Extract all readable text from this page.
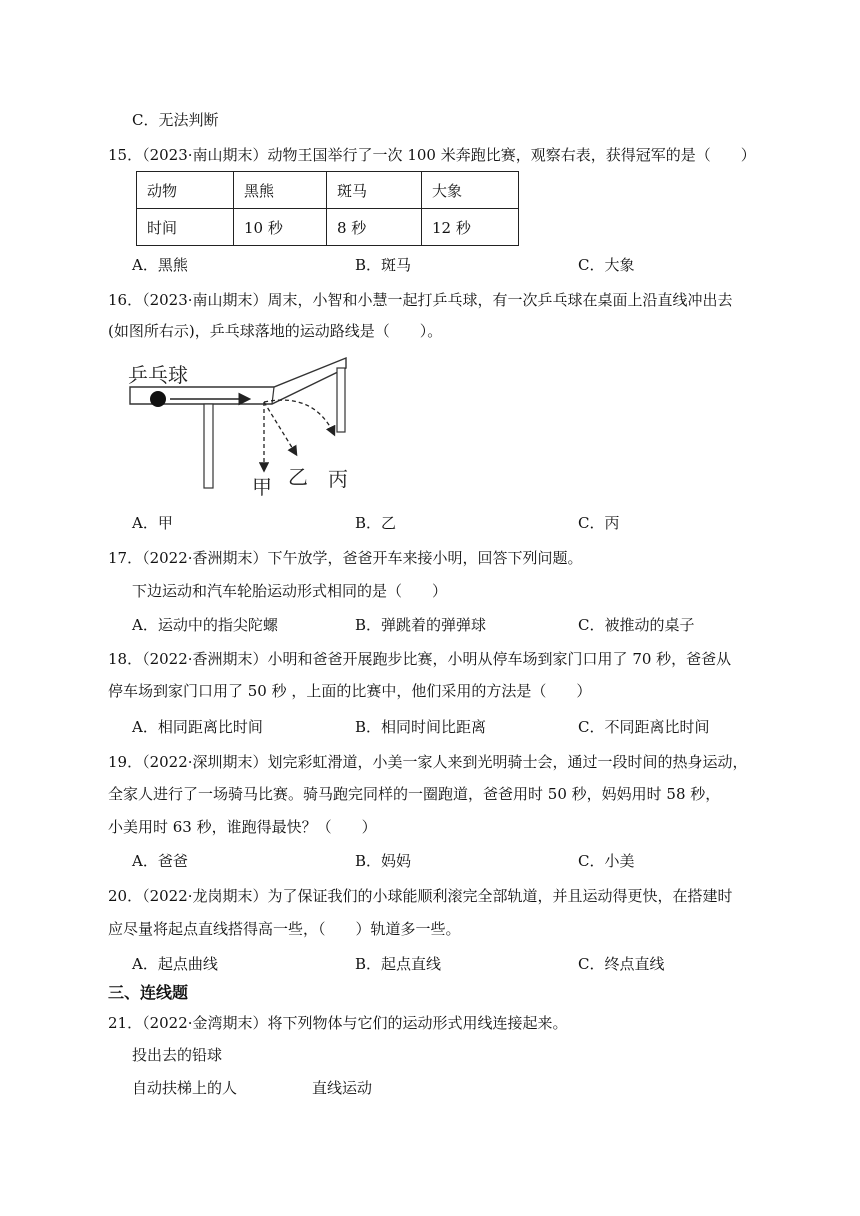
C．无法判断
15．（2023·南山期末）动物王国举行了一次 100 米奔跑比赛，观察右表，获得冠军的是（　　）
动物	黑熊	斑马	大象
时间	10 秒	8 秒	12 秒
A．黑熊	B．斑马	C．大象
16．（2023·南山期末）周末，小智和小慧一起打乒乓球，有一次乒乓球在桌面上沿直线冲出去
(如图所右示)，乒乓球落地的运动路线是（　　）。
乒乓球
甲 乙 丙
A．甲	B．乙	C．丙
17．（2022·香洲期末）下午放学，爸爸开车来接小明，回答下列问题。
下边运动和汽车轮胎运动形式相同的是（　　）
A．运动中的指尖陀螺	B．弹跳着的弹弹球	C．被推动的桌子
18．（2022·香洲期末）小明和爸爸开展跑步比赛，小明从停车场到家门口用了 70 秒，爸爸从
停车场到家门口用了 50 秒 ，上面的比赛中，他们采用的方法是（　　）
A．相同距离比时间	B．相同时间比距离	C．不同距离比时间
19．（2022·深圳期末）划完彩虹滑道，小美一家人来到光明骑士会，通过一段时间的热身运动，
全家人进行了一场骑马比赛。骑马跑完同样的一圈跑道，爸爸用时 50 秒，妈妈用时 58 秒，
小美用时 63 秒，谁跑得最快？（　　）
A．爸爸	B．妈妈	C．小美
20．（2022·龙岗期末）为了保证我们的小球能顺利滚完全部轨道，并且运动得更快，在搭建时
应尽量将起点直线搭得高一些，（　　）轨道多一些。
A．起点曲线	B．起点直线	C．终点直线
三、连线题
21．（2022·金湾期末）将下列物体与它们的运动形式用线连接起来。
投出去的铅球
自动扶梯上的人	直线运动
